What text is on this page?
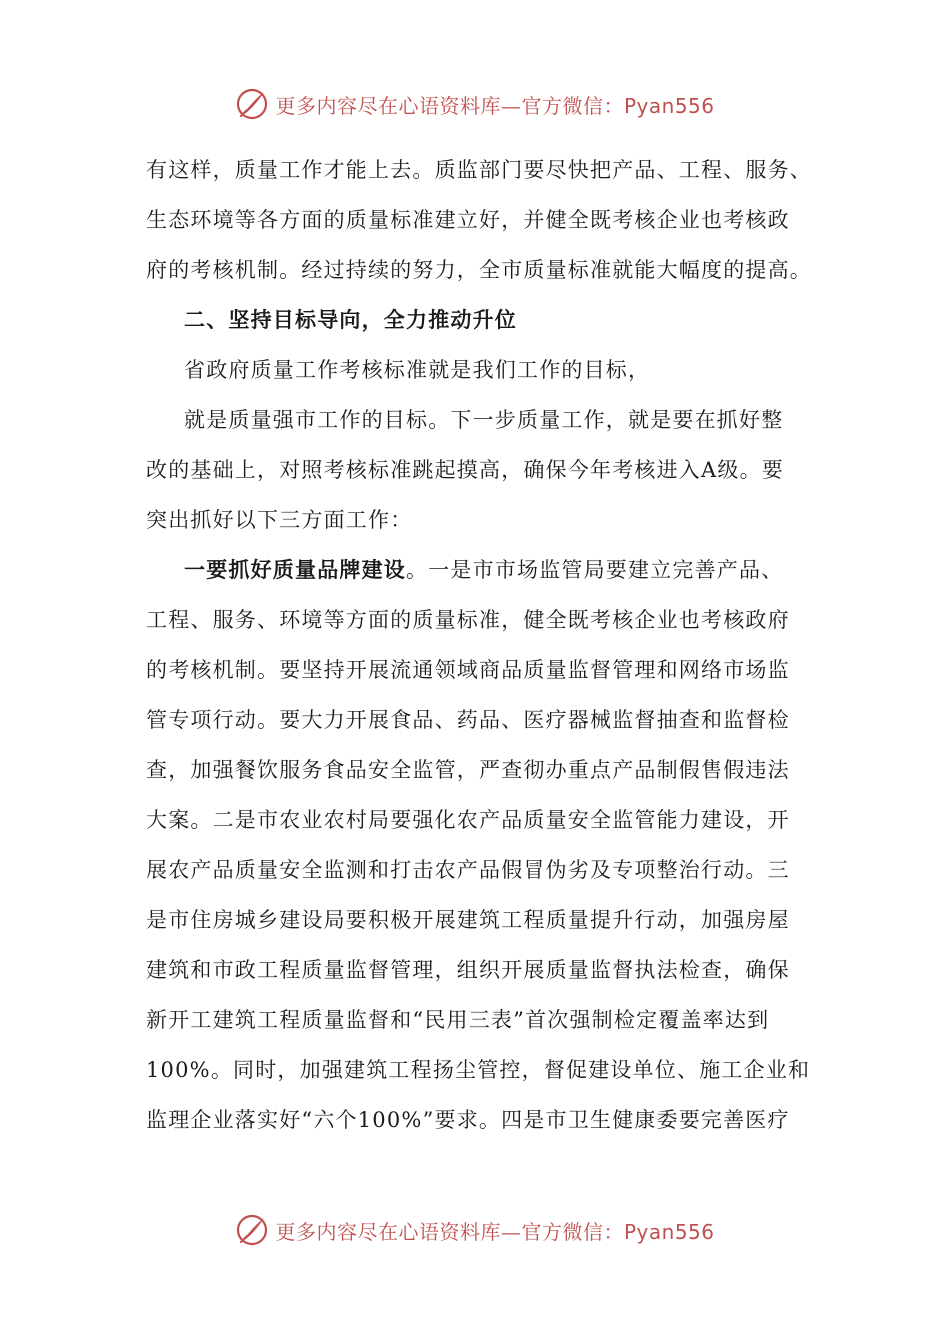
更多内容尽在心语资料库—官方微信：Pyan556
有这样，质量工作才能上去。质监部门要尽快把产品、工程、服务、
生态环境等各方面的质量标准建立好，并健全既考核企业也考核政
府的考核机制。经过持续的努力，全市质量标准就能大幅度的提高。
二、坚持目标导向，全力推动升位
省政府质量工作考核标准就是我们工作的目标，
就是质量强市工作的目标。下一步质量工作，就是要在抓好整
改的基础上，对照考核标准跳起摸高，确保今年考核进入A级。要
突出抓好以下三方面工作：
一要抓好质量品牌建设。一是市市场监管局要建立完善产品、
工程、服务、环境等方面的质量标准，健全既考核企业也考核政府
的考核机制。要坚持开展流通领域商品质量监督管理和网络市场监
管专项行动。要大力开展食品、药品、医疗器械监督抽查和监督检
查，加强餐饮服务食品安全监管，严查彻办重点产品制假售假违法
大案。二是市农业农村局要强化农产品质量安全监管能力建设，开
展农产品质量安全监测和打击农产品假冒伪劣及专项整治行动。三
是市住房城乡建设局要积极开展建筑工程质量提升行动，加强房屋
建筑和市政工程质量监督管理，组织开展质量监督执法检查，确保
新开工建筑工程质量监督和“民用三表”首次强制检定覆盖率达到
100%。同时，加强建筑工程扬尘管控，督促建设单位、施工企业和
监理企业落实好“六个100%”要求。四是市卫生健康委要完善医疗
更多内容尽在心语资料库—官方微信：Pyan556
